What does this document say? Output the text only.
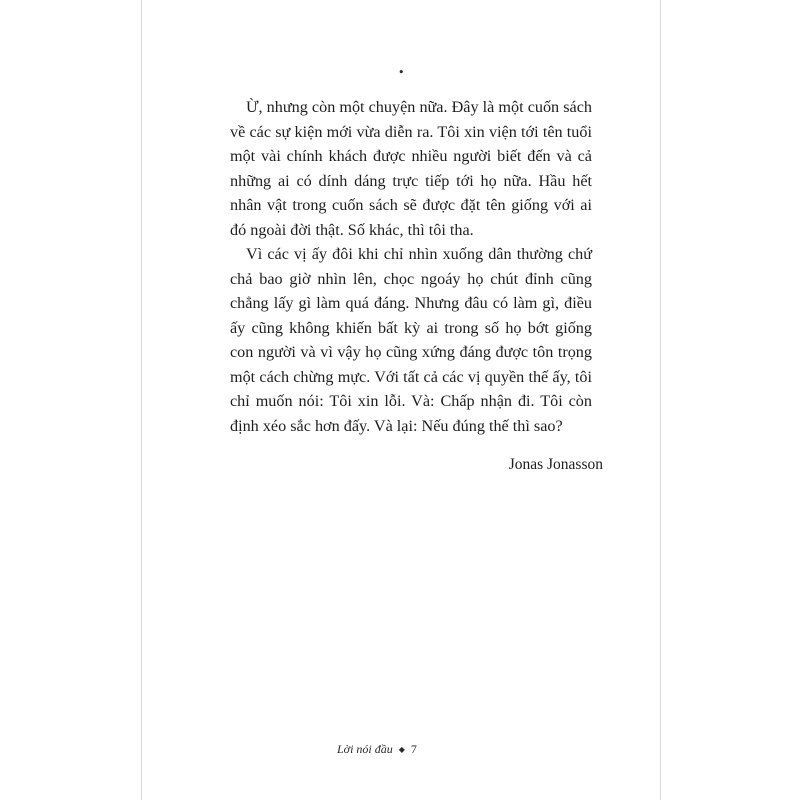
•

Ừ, nhưng còn một chuyện nữa. Đây là một cuốn sách về các sự kiện mới vừa diễn ra. Tôi xin viện tới tên tuổi một vài chính khách được nhiều người biết đến và cả những ai có dính dáng trực tiếp tới họ nữa. Hầu hết nhân vật trong cuốn sách sẽ được đặt tên giống với ai đó ngoài đời thật. Số khác, thì tôi tha.

Vì các vị ấy đôi khi chỉ nhìn xuống dân thường chứ chả bao giờ nhìn lên, chọc ngoáy họ chút đỉnh cũng chẳng lấy gì làm quá đáng. Nhưng đâu có làm gì, điều ấy cũng không khiến bất kỳ ai trong số họ bớt giống con người và vì vậy họ cũng xứng đáng được tôn trọng một cách chừng mực. Với tất cả các vị quyền thế ấy, tôi chỉ muốn nói: Tôi xin lỗi. Và: Chấp nhận đi. Tôi còn định xéo sắc hơn đấy. Và lại: Nếu đúng thế thì sao?

Jonas Jonasson
Lời nói đầu ◆ 7
